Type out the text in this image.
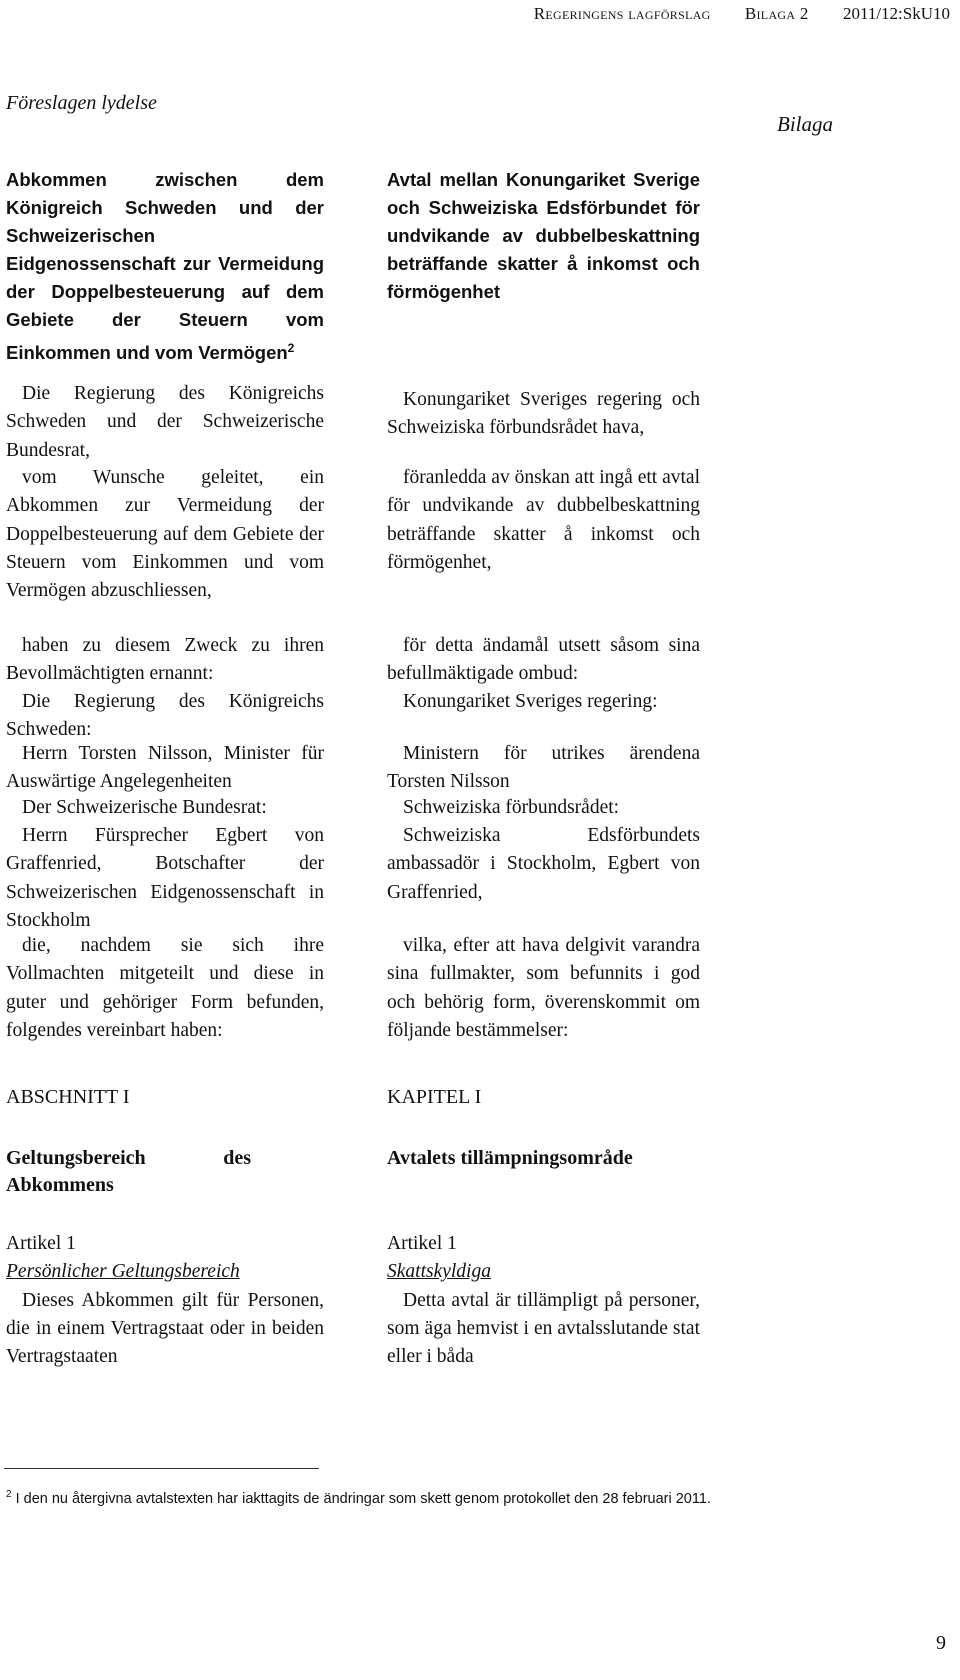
Regeringens lagförslag Bilaga 2 2011/12:SkU10
Föreslagen lydelse
Bilaga

Abkommen zwischen dem Königreich Schweden und der Schweizerischen Eidgenossenschaft zur Vermeidung der Doppelbesteuerung auf dem Gebiete der Steuern vom Einkommen und vom Vermögen$^2$

Die Regierung des Königreichs Schweden und der Schweizerische Bundesrat,

vom Wunsche geleitet, ein Abkommen zur Vermeidung der Doppelbesteuerung auf dem Gebiete der Steuern vom Einkommen und vom Vermögen abzuschliessen,

haben zu diesem Zweck zu ihren Bevollmächtigten ernannt:

Die Regierung des Königreichs Schweden:

Herrn Torsten Nilsson, Minister für Auswärtige Angelegenheiten

Der Schweizerische Bundesrat:

Herrn Fürsprecher Egbert von Graffenried, Botschafter der Schweizerischen Eidgenossenschaft in Stockholm

die, nachdem sie sich ihre Vollmachten mitgeteilt und diese in guter und gehöriger Form befunden, folgendes vereinbart haben:

ABSCHNITT I

Geltungsbereich des Abkommens

Artikel 1

Persönlicher Geltungsbereich

Dieses Abkommen gilt für Personen, die in einem Vertragstaat oder in beiden Vertragstaaten

Avtal mellan Konungariket Sverige och Schweiziska Edsförbundet för undvikande av dubbelbeskattning beträffande skatter å inkomst och förmögenhet

Konungariket Sveriges regering och Schweiziska förbundsrådet hava,

föranledda av önskan att ingå ett avtal för undvikande av dubbelbeskattning beträffande skatter å inkomst och förmögenhet,

för detta ändamål utsett såsom sina befullmäktigade ombud:

Konungariket Sveriges regering:

Ministern för utrikes ärendena Torsten Nilsson

Schweiziska förbundsrådet:

Schweiziska Edsförbundets ambassadör i Stockholm, Egbert von Graffenried,

vilka, efter att hava delgivit varandra sina fullmakter, som befunnits i god och behörig form, överenskommit om följande bestämmelser:

KAPITEL I

Avtalets tillämpningsområde

Artikel 1

Skattskyldiga

Detta avtal är tillämpligt på personer, som äga hemvist i en avtalsslutande stat eller i båda

$^2$ I den nu återgivna avtalstexten har iakttagits de ändringar som skett genom protokollet den 28 februari 2011.
9
